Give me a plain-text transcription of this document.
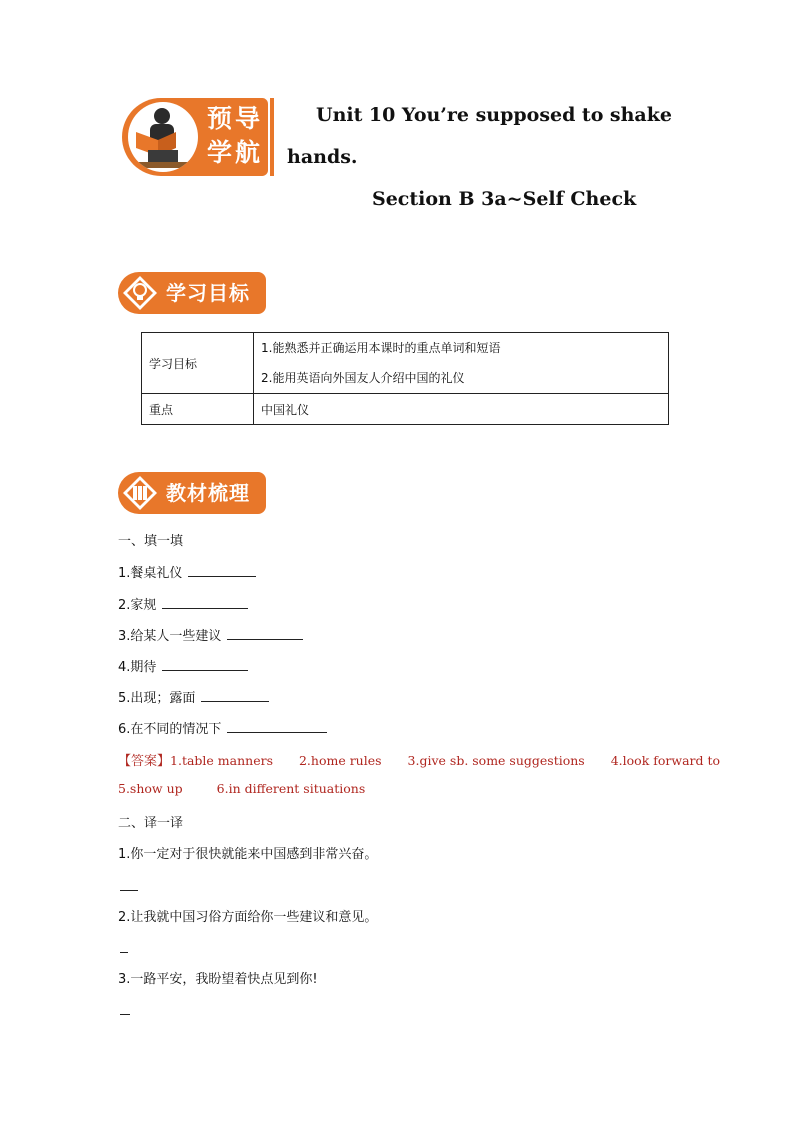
预导
学航
Unit 10 You’re supposed to shake
hands.
Section B 3a~Self Check
学习目标
学习目标	1.能熟悉并正确运用本课时的重点单词和短语
2.能用英语向外国友人介绍中国的礼仪

重点	中国礼仪
教材梳理
一、填一填
1.餐桌礼仪
2.家规
3.给某人一些建议
4.期待
5.出现；露面
6.在不同的情况下
【答案】1.table manners 2.home rules 3.give sb. some suggestions 4.look forward to
5.show up	6.in different situations
二、译一译
1.你一定对于很快就能来中国感到非常兴奋。
2.让我就中国习俗方面给你一些建议和意见。
3.一路平安，我盼望着快点见到你!
